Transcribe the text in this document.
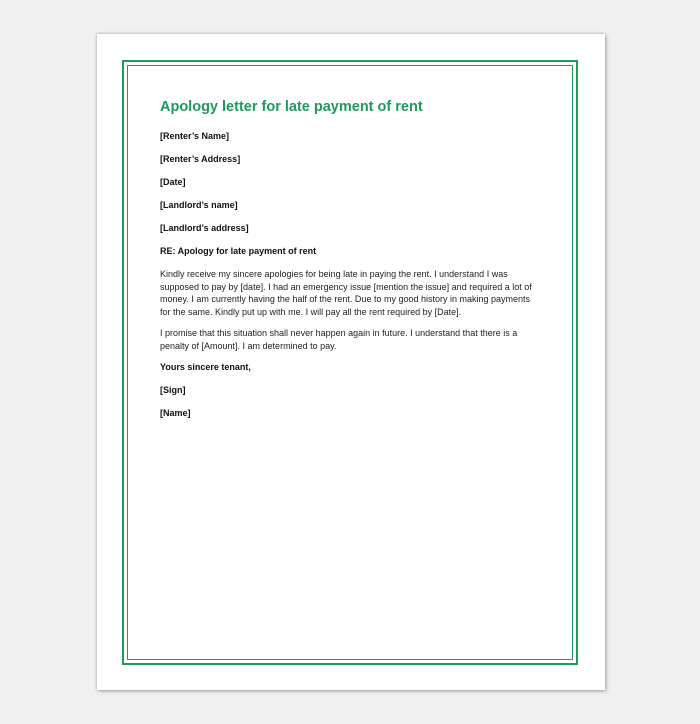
Apology letter for late payment of rent
[Renter’s Name]
[Renter’s Address]
[Date]
[Landlord’s name]
[Landlord’s address]
RE: Apology for late payment of rent
Kindly receive my sincere apologies for being late in paying the rent. I understand I was supposed to pay by [date]. I had an emergency issue [mention the issue] and required a lot of money. I am currently having the half of the rent. Due to my good history in making payments for the same. Kindly put up with me. I will pay all the rent required by [Date].
I promise that this situation shall never happen again in future. I understand that there is a penalty of [Amount]. I am determined to pay.
Yours sincere tenant,
[Sign]
[Name]
